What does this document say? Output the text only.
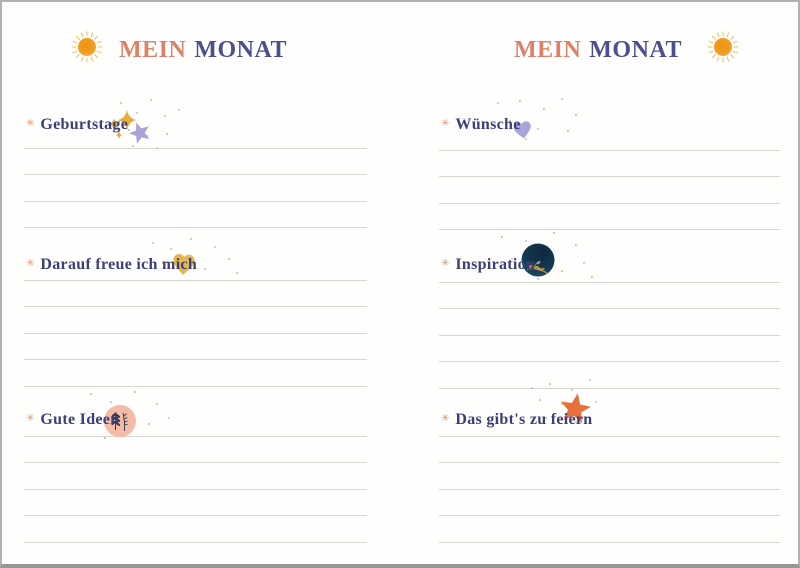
MEIN MONAT
✳ Geburtstage
✳ Darauf freue ich mich
✳ Gute Ideen
MEIN MONAT
✳ Wünsche
✳ Inspiration
✳ Das gibt's zu feiern
